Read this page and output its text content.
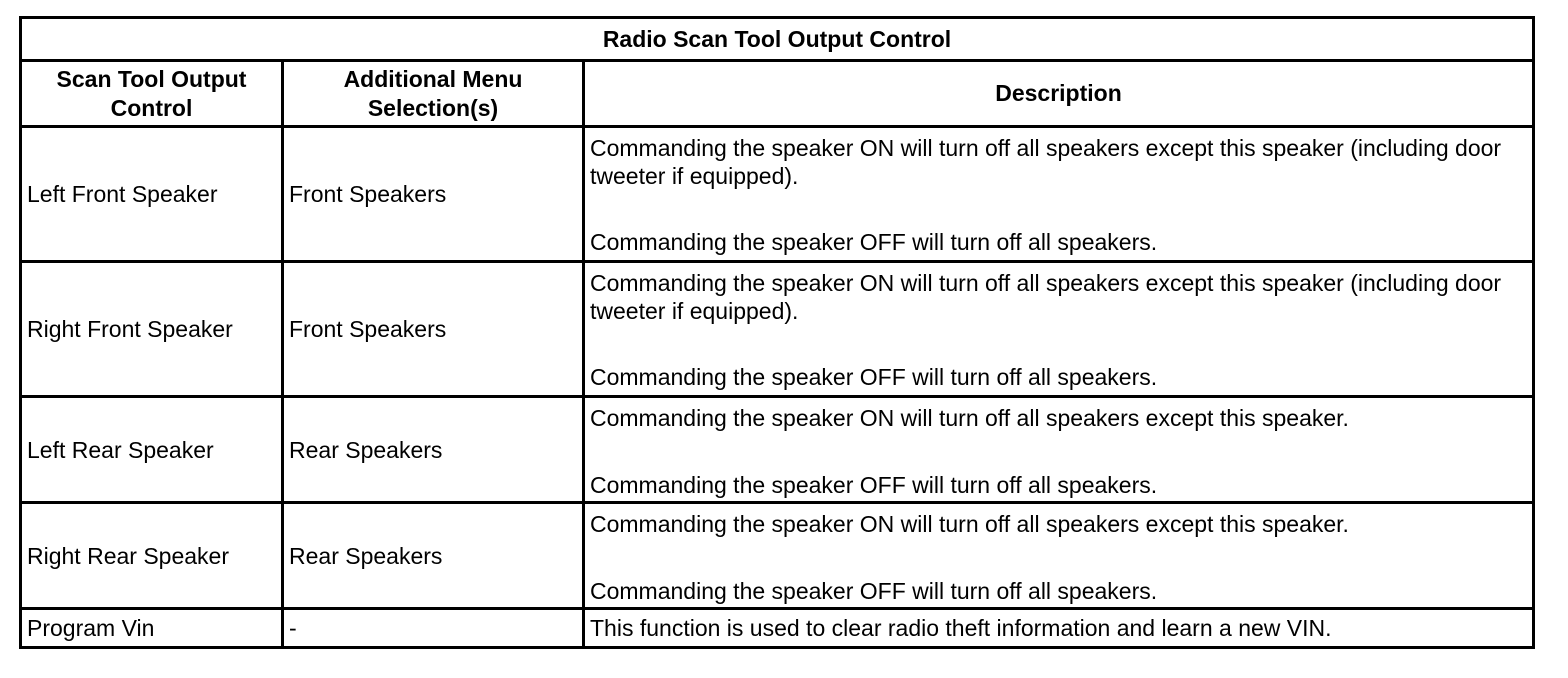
Radio Scan Tool Output Control		
Scan Tool Output Control	Additional Menu Selection(s)	Description
Left Front Speaker	Front Speakers	Commanding the speaker ON will turn off all speakers except this speaker (including door tweeter if equipped).
Commanding the speaker OFF will turn off all speakers.

Right Front Speaker	Front Speakers	Commanding the speaker ON will turn off all speakers except this speaker (including door tweeter if equipped).
Commanding the speaker OFF will turn off all speakers.

Left Rear Speaker	Rear Speakers	Commanding the speaker ON will turn off all speakers except this speaker.
Commanding the speaker OFF will turn off all speakers.

Right Rear Speaker	Rear Speakers	Commanding the speaker ON will turn off all speakers except this speaker.
Commanding the speaker OFF will turn off all speakers.

Program Vin	-	This function is used to clear radio theft information and learn a new VIN.
